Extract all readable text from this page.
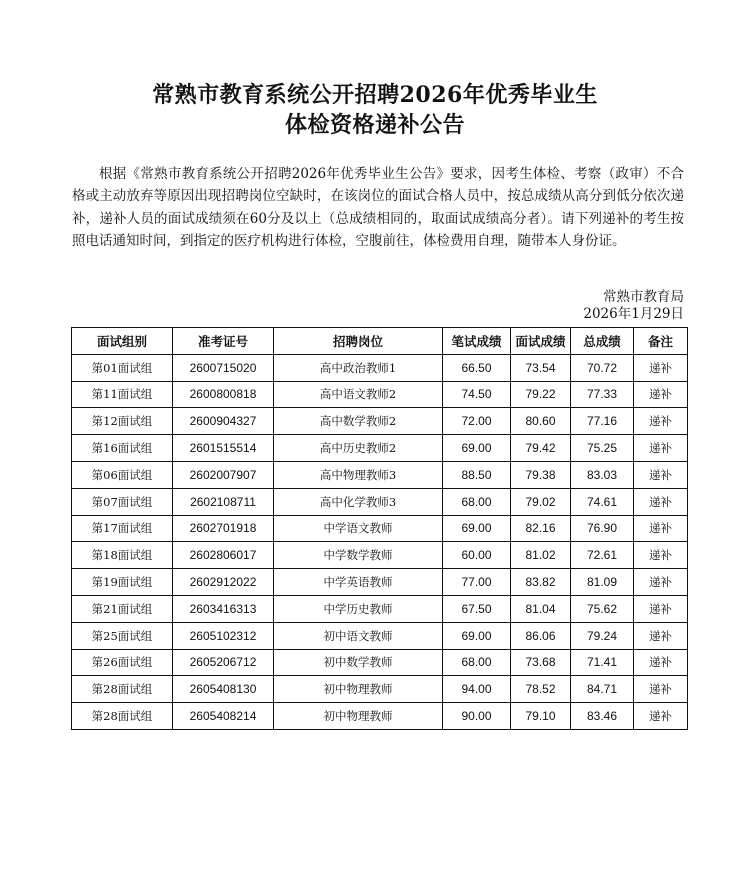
常熟市教育系统公开招聘2026年优秀毕业生
体检资格递补公告

根据《常熟市教育系统公开招聘2026年优秀毕业生公告》要求，因考生体检、考察（政审）不合格或主动放弃等原因出现招聘岗位空缺时，在该岗位的面试合格人员中，按总成绩从高分到低分依次递补，递补人员的面试成绩须在60分及以上（总成绩相同的，取面试成绩高分者）。请下列递补的考生按照电话通知时间，到指定的医疗机构进行体检，空腹前往，体检费用自理，随带本人身份证。

常熟市教育局
2026年1月29日
面试组别	准考证号	招聘岗位	笔试成绩	面试成绩	总成绩	备注
第01面试组	2600715020	高中政治教师1	66.50	73.54	70.72	递补
第11面试组	2600800818	高中语文教师2	74.50	79.22	77.33	递补
第12面试组	2600904327	高中数学教师2	72.00	80.60	77.16	递补
第16面试组	2601515514	高中历史教师2	69.00	79.42	75.25	递补
第06面试组	2602007907	高中物理教师3	88.50	79.38	83.03	递补
第07面试组	2602108711	高中化学教师3	68.00	79.02	74.61	递补
第17面试组	2602701918	中学语文教师	69.00	82.16	76.90	递补
第18面试组	2602806017	中学数学教师	60.00	81.02	72.61	递补
第19面试组	2602912022	中学英语教师	77.00	83.82	81.09	递补
第21面试组	2603416313	中学历史教师	67.50	81.04	75.62	递补
第25面试组	2605102312	初中语文教师	69.00	86.06	79.24	递补
第26面试组	2605206712	初中数学教师	68.00	73.68	71.41	递补
第28面试组	2605408130	初中物理教师	94.00	78.52	84.71	递补
第28面试组	2605408214	初中物理教师	90.00	79.10	83.46	递补
